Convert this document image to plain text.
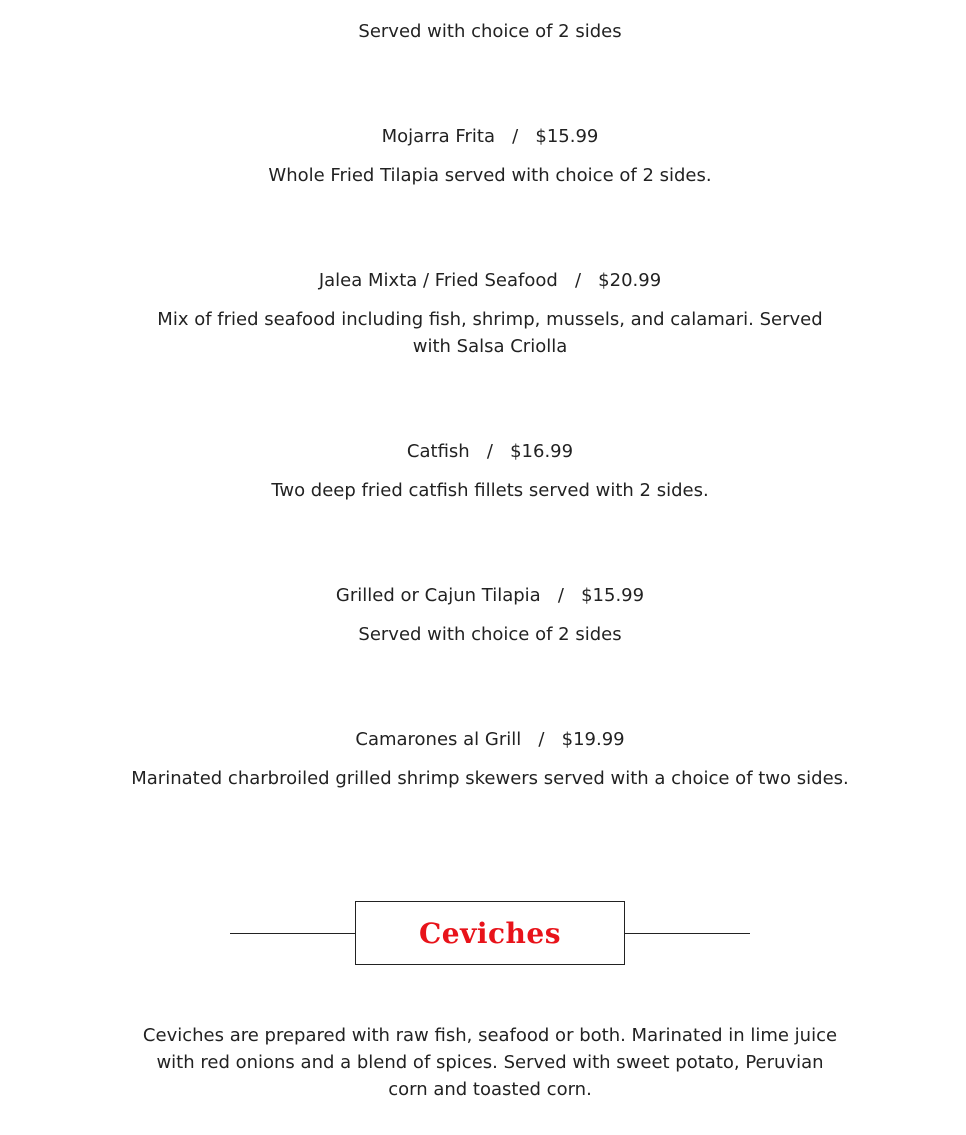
Served with choice of 2 sides

Mojarra Frita   /   $15.99

Whole Fried Tilapia served with choice of 2 sides.

Jalea Mixta / Fried Seafood   /   $20.99

Mix of fried seafood including fish, shrimp, mussels, and calamari. Served with Salsa Criolla

Catfish   /   $16.99

Two deep fried catfish fillets served with 2 sides.

Grilled or Cajun Tilapia   /   $15.99

Served with choice of 2 sides

Camarones al Grill   /   $19.99

Marinated charbroiled grilled shrimp skewers served with a choice of two sides.

Ceviches

Ceviches are prepared with raw fish, seafood or both. Marinated in lime juice with red onions and a blend of spices. Served with sweet potato, Peruvian corn and toasted corn.
